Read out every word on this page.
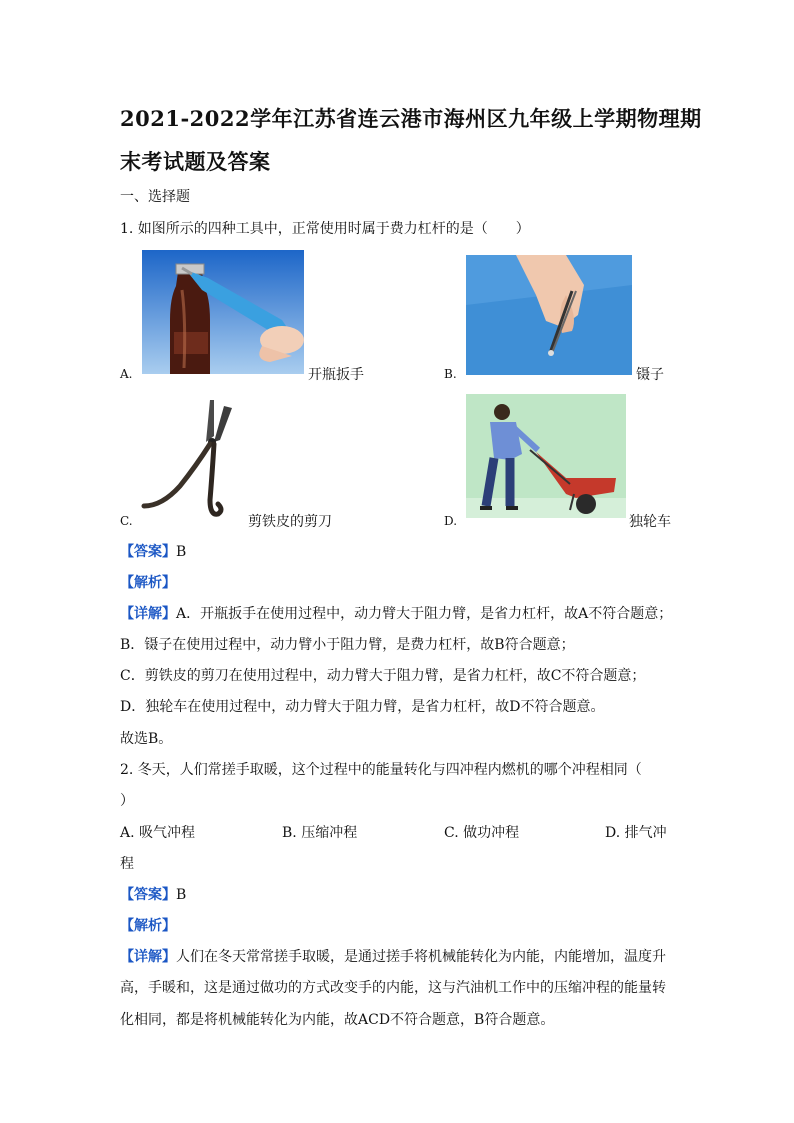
2021-2022学年江苏省连云港市海州区九年级上学期物理期
末考试题及答案
一、选择题
1. 如图所示的四种工具中，正常使用时属于费力杠杆的是（　　）
A.	开瓶扳手	B.	镊子
C.	剪铁皮的剪刀	D.	独轮车
【答案】B
【解析】
【详解】A．开瓶扳手在使用过程中，动力臂大于阻力臂，是省力杠杆，故A不符合题意；
B．镊子在使用过程中，动力臂小于阻力臂，是费力杠杆，故B符合题意；
C．剪铁皮的剪刀在使用过程中，动力臂大于阻力臂，是省力杠杆，故C不符合题意；
D．独轮车在使用过程中，动力臂大于阻力臂，是省力杠杆，故D不符合题意。
故选B。
2. 冬天，人们常搓手取暖，这个过程中的能量转化与四冲程内燃机的哪个冲程相同（
）
A. 吸气冲程	B. 压缩冲程	C. 做功冲程	D. 排气冲
程
【答案】B
【解析】
【详解】人们在冬天常常搓手取暖，是通过搓手将机械能转化为内能，内能增加，温度升
高，手暖和，这是通过做功的方式改变手的内能，这与汽油机工作中的压缩冲程的能量转
化相同，都是将机械能转化为内能，故ACD不符合题意，B符合题意。
